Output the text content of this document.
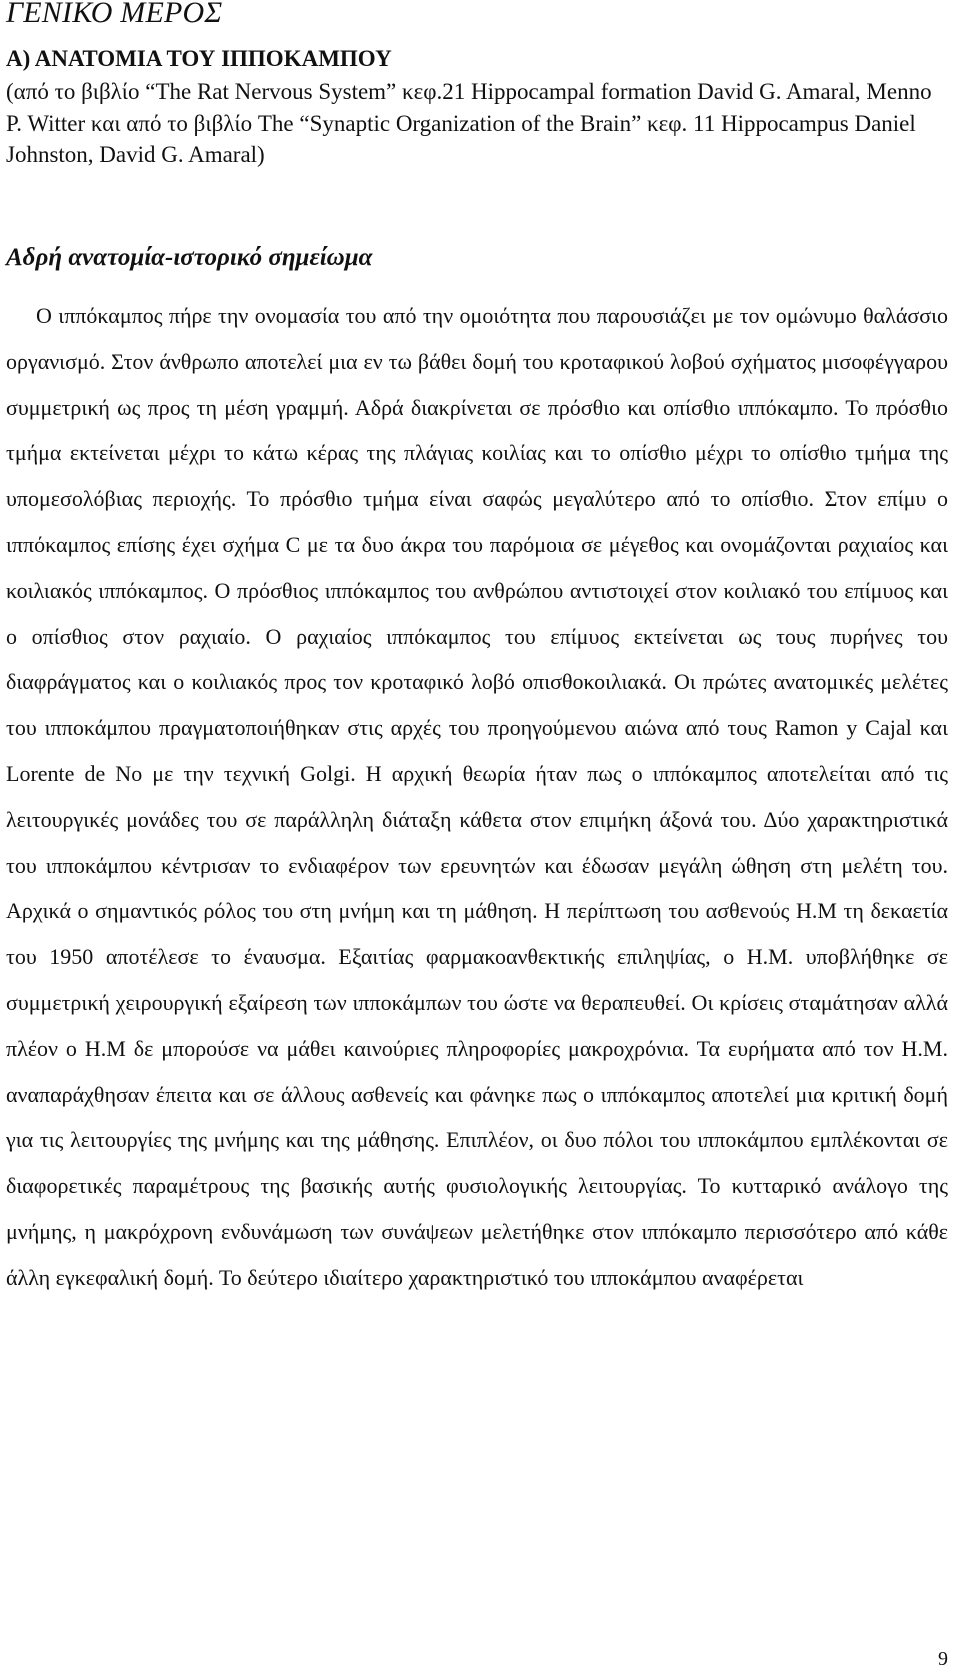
ΓΕΝΙΚΟ ΜΕΡΟΣ
Α) ΑΝΑΤΟΜΙΑ ΤΟΥ ΙΠΠΟΚΑΜΠΟΥ

(από το βιβλίο “The Rat Nervous System” κεφ.21 Hippocampal formation David G. Amaral, Menno P. Witter και από το βιβλίο The “Synaptic Organization of the Brain” κεφ. 11 Hippocampus Daniel Johnston, David G. Amaral)

Αδρή ανατομία-ιστορικό σημείωμα

Ο ιππόκαμπος πήρε την ονομασία του από την ομοιότητα που παρουσιάζει με τον ομώνυμο θαλάσσιο οργανισμό. Στον άνθρωπο αποτελεί μια εν τω βάθει δομή του κροταφικού λοβού σχήματος μισοφέγγαρου συμμετρική ως προς τη μέση γραμμή. Αδρά διακρίνεται σε πρόσθιο και οπίσθιο ιππόκαμπο. Το πρόσθιο τμήμα εκτείνεται μέχρι το κάτω κέρας της πλάγιας κοιλίας και το οπίσθιο μέχρι το οπίσθιο τμήμα της υπομεσολόβιας περιοχής. Το πρόσθιο τμήμα είναι σαφώς μεγαλύτερο από το οπίσθιο. Στον επίμυ ο ιππόκαμπος επίσης έχει σχήμα C με τα δυο άκρα του παρόμοια σε μέγεθος και ονομάζονται ραχιαίος και κοιλιακός ιππόκαμπος. Ο πρόσθιος ιππόκαμπος του ανθρώπου αντιστοιχεί στον κοιλιακό του επίμυος και ο οπίσθιος στον ραχιαίο. Ο ραχιαίος ιππόκαμπος του επίμυος εκτείνεται ως τους πυρήνες του διαφράγματος και ο κοιλιακός προς τον κροταφικό λοβό οπισθοκοιλιακά. Οι πρώτες ανατομικές μελέτες του ιπποκάμπου πραγματοποιήθηκαν στις αρχές του προηγούμενου αιώνα από τους Ramon y Cajal και Lorente de No με την τεχνική Golgi. Η αρχική θεωρία ήταν πως ο ιππόκαμπος αποτελείται από τις λειτουργικές μονάδες του σε παράλληλη διάταξη κάθετα στον επιμήκη άξονά του. Δύο χαρακτηριστικά του ιπποκάμπου κέντρισαν το ενδιαφέρον των ερευνητών και έδωσαν μεγάλη ώθηση στη μελέτη του. Αρχικά ο σημαντικός ρόλος του στη μνήμη και τη μάθηση. Η περίπτωση του ασθενούς Η.Μ τη δεκαετία του 1950 αποτέλεσε το έναυσμα. Εξαιτίας φαρμακοανθεκτικής επιληψίας, ο Η.Μ. υποβλήθηκε σε συμμετρική χειρουργική εξαίρεση των ιπποκάμπων του ώστε να θεραπευθεί. Οι κρίσεις σταμάτησαν αλλά πλέον ο Η.Μ δε μπορούσε να μάθει καινούριες πληροφορίες μακροχρόνια. Τα ευρήματα από τον Η.Μ. αναπαράχθησαν έπειτα και σε άλλους ασθενείς και φάνηκε πως ο ιππόκαμπος αποτελεί μια κριτική δομή για τις λειτουργίες της μνήμης και της μάθησης. Επιπλέον, οι δυο πόλοι του ιπποκάμπου εμπλέκονται σε διαφορετικές παραμέτρους της βασικής αυτής φυσιολογικής λειτουργίας. Το κυτταρικό ανάλογο της μνήμης, η μακρόχρονη ενδυνάμωση των συνάψεων μελετήθηκε στον ιππόκαμπο περισσότερο από κάθε άλλη εγκεφαλική δομή. Το δεύτερο ιδιαίτερο χαρακτηριστικό του ιπποκάμπου αναφέρεται

9
